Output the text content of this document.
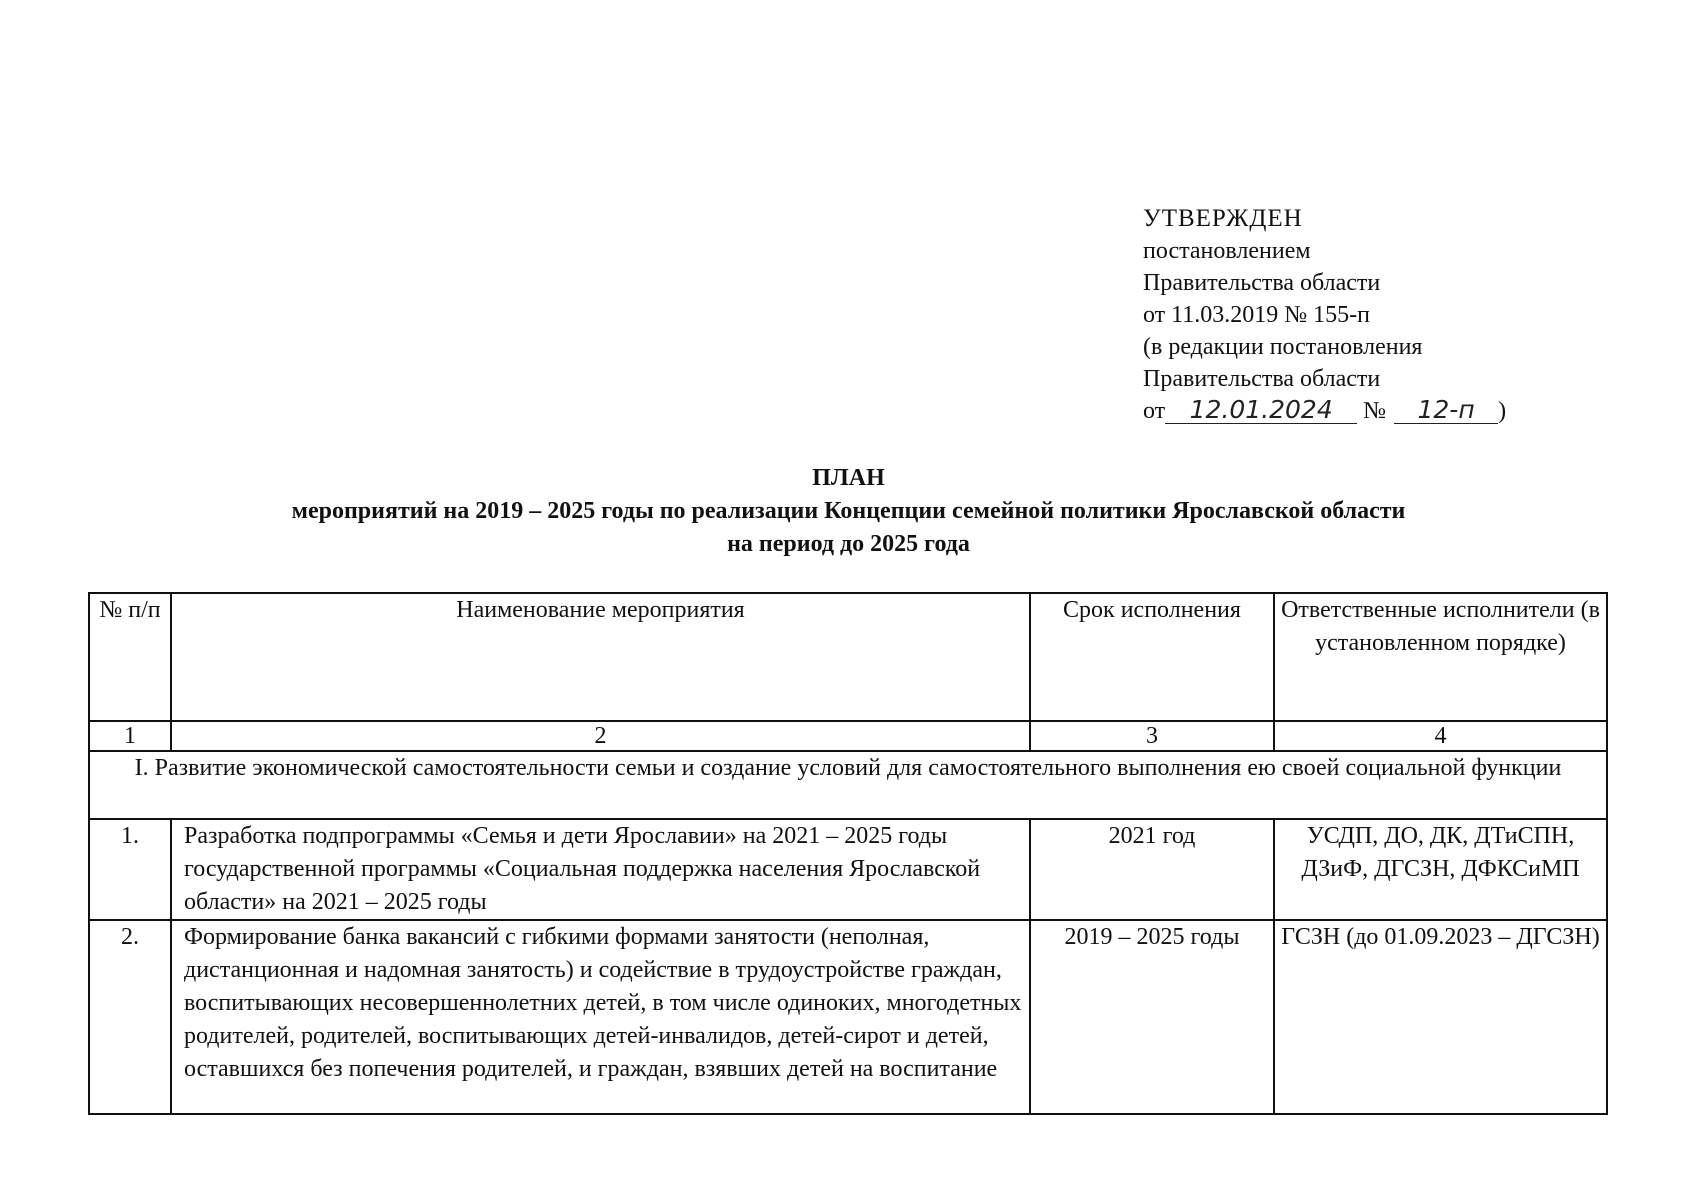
УТВЕРЖДЕН
постановлением
Правительства области
от 11.03.2019 № 155-п
(в редакции постановления
Правительства области
от 12.01.2024 № 12-п )
ПЛАН
мероприятий на 2019 – 2025 годы по реализации Концепции семейной политики Ярославской области
на период до 2025 года
№ п/п	Наименование мероприятия	Срок исполнения	Ответственные исполнители (в установленном порядке)
1	2	3	4
I. Развитие экономической самостоятельности семьи и создание условий для самостоятельного выполнения ею своей социальной функции			
1.	Разработка подпрограммы «Семья и дети Ярославии» на 2021 – 2025 годы государственной программы «Социальная поддержка населения Ярославской области» на 2021 – 2025 годы	2021 год	УСДП, ДО, ДК, ДТиСПН, ДЗиФ, ДГСЗН, ДФКСиМП
2.	Формирование банка вакансий с гибкими формами занятости (неполная, дистанционная и надомная занятость) и содействие в трудоустройстве граждан, воспитывающих несовершеннолетних детей, в том числе одиноких, многодетных родителей, родителей, воспитывающих детей-инвалидов, детей-сирот и детей, оставшихся без попечения родителей, и граждан, взявших детей на воспитание	2019 – 2025 годы	ГСЗН (до 01.09.2023 – ДГСЗН)
